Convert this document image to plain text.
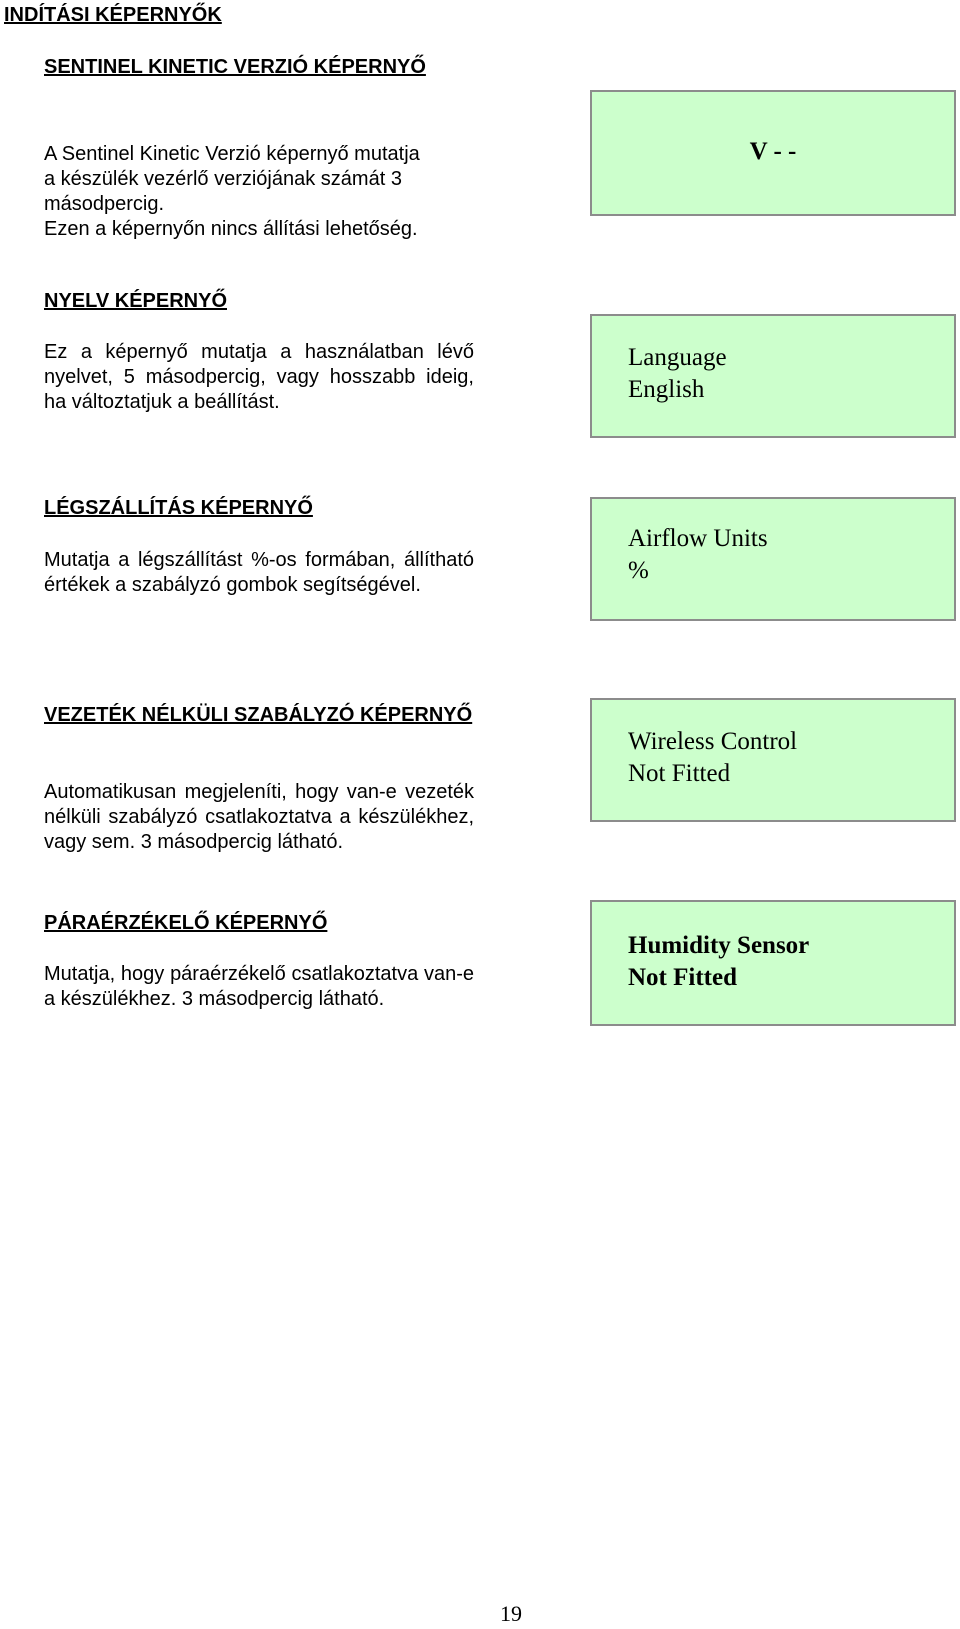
INDÍTÁSI KÉPERNYŐK
SENTINEL KINETIC VERZIÓ KÉPERNYŐ
A Sentinel Kinetic Verzió képernyő mutatja
a készülék vezérlő verziójának számát 3
másodpercig.
Ezen a képernyőn nincs állítási lehetőség.
V - -
NYELV KÉPERNYŐ

Ez a képernyő mutatja a használatban lévő nyelvet, 5 másodpercig, vagy hosszabb ideig, ha változtatjuk a beállítást.

Language
English
LÉGSZÁLLÍTÁS KÉPERNYŐ

Mutatja a légszállítást %-os formában, állítható értékek a szabályzó gombok segítségével.

Airflow Units
%
VEZETÉK NÉLKÜLI SZABÁLYZÓ KÉPERNYŐ

Automatikusan megjeleníti, hogy van-e vezeték nélküli szabályzó csatlakoztatva a készülékhez, vagy sem. 3 másodpercig látható.

Wireless Control
Not Fitted
PÁRAÉRZÉKELŐ KÉPERNYŐ

Mutatja, hogy páraérzékelő csatlakoztatva van-e a készülékhez. 3 másodpercig látható.

Humidity Sensor
Not Fitted
19
